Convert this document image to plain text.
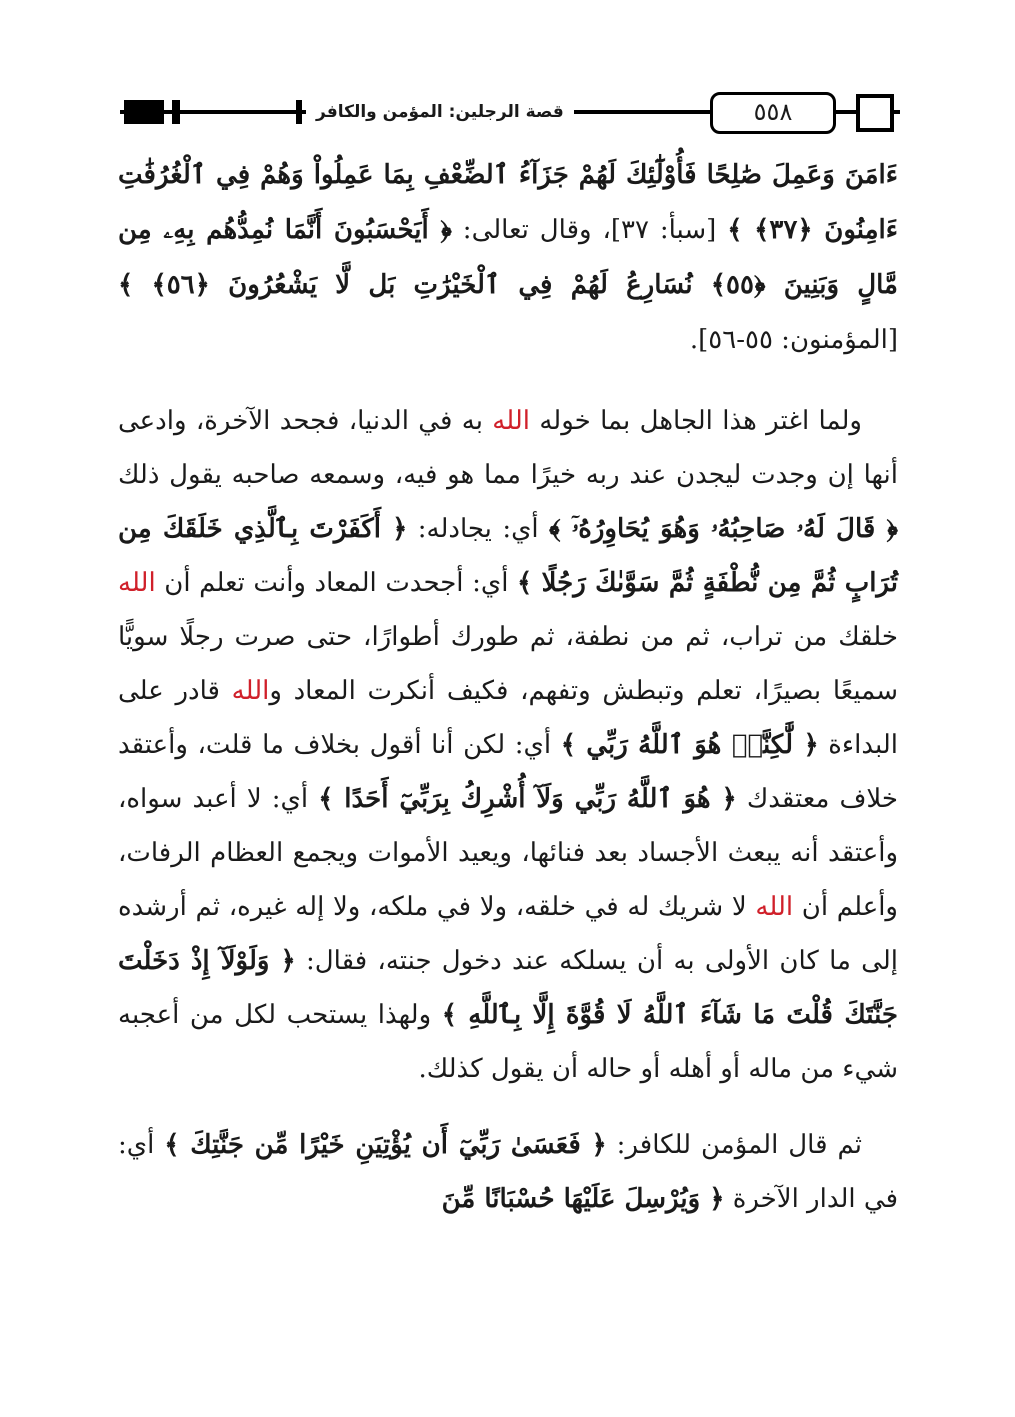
قصة الرجلين: المؤمن والكافر	٥٥٨

ءَامَنَ وَعَمِلَ صَٰلِحًا فَأُوْلَٰٓئِكَ لَهُمْ جَزَآءُ ٱلضِّعْفِ بِمَا عَمِلُواْ وَهُمْ فِي ٱلْغُرُفَٰتِ ءَامِنُونَ ﴿٣٧﴾ ﴾ [سبأ: ٣٧]، وقال تعالى: ﴿ أَيَحْسَبُونَ أَنَّمَا نُمِدُّهُم بِهِۦ مِن مَّالٍ وَبَنِينَ ﴿٥٥﴾ نُسَارِعُ لَهُمْ فِي ٱلْخَيْرَٰتِ بَل لَّا يَشْعُرُونَ ﴿٥٦﴾ ﴾ [المؤمنون: ٥٥-٥٦].

ولما اغتر هذا الجاهل بما خوله الله به في الدنيا، فجحد الآخرة، وادعى أنها إن وجدت ليجدن عند ربه خيرًا مما هو فيه، وسمعه صاحبه يقول ذلك ﴿ قَالَ لَهُۥ صَاحِبُهُۥ وَهُوَ يُحَاوِرُهُۥٓ ﴾ أي: يجادله: ﴿ أَكَفَرْتَ بِٱلَّذِي خَلَقَكَ مِن تُرَابٍ ثُمَّ مِن نُّطْفَةٍ ثُمَّ سَوَّىٰكَ رَجُلًا ﴾ أي: أجحدت المعاد وأنت تعلم أن الله خلقك من تراب، ثم من نطفة، ثم طورك أطوارًا، حتى صرت رجلًا سويًّا سميعًا بصيرًا، تعلم وتبطش وتفهم، فكيف أنكرت المعاد والله قادر على البداءة ﴿ لَّٰكِنَّا۠ هُوَ ٱللَّهُ رَبِّي ﴾ أي: لكن أنا أقول بخلاف ما قلت، وأعتقد خلاف معتقدك ﴿ هُوَ ٱللَّهُ رَبِّي وَلَآ أُشْرِكُ بِرَبِّيٓ أَحَدًا ﴾ أي: لا أعبد سواه، وأعتقد أنه يبعث الأجساد بعد فنائها، ويعيد الأموات ويجمع العظام الرفات، وأعلم أن الله لا شريك له في خلقه، ولا في ملكه، ولا إله غيره، ثم أرشده إلى ما كان الأولى به أن يسلكه عند دخول جنته، فقال: ﴿ وَلَوْلَآ إِذْ دَخَلْتَ جَنَّتَكَ قُلْتَ مَا شَآءَ ٱللَّهُ لَا قُوَّةَ إِلَّا بِٱللَّهِ ﴾ ولهذا يستحب لكل من أعجبه شيء من ماله أو أهله أو حاله أن يقول كذلك.

ثم قال المؤمن للكافر: ﴿ فَعَسَىٰ رَبِّيٓ أَن يُؤْتِيَنِ خَيْرًا مِّن جَنَّتِكَ ﴾ أي: في الدار الآخرة ﴿ وَيُرْسِلَ عَلَيْهَا حُسْبَانًا مِّنَ
